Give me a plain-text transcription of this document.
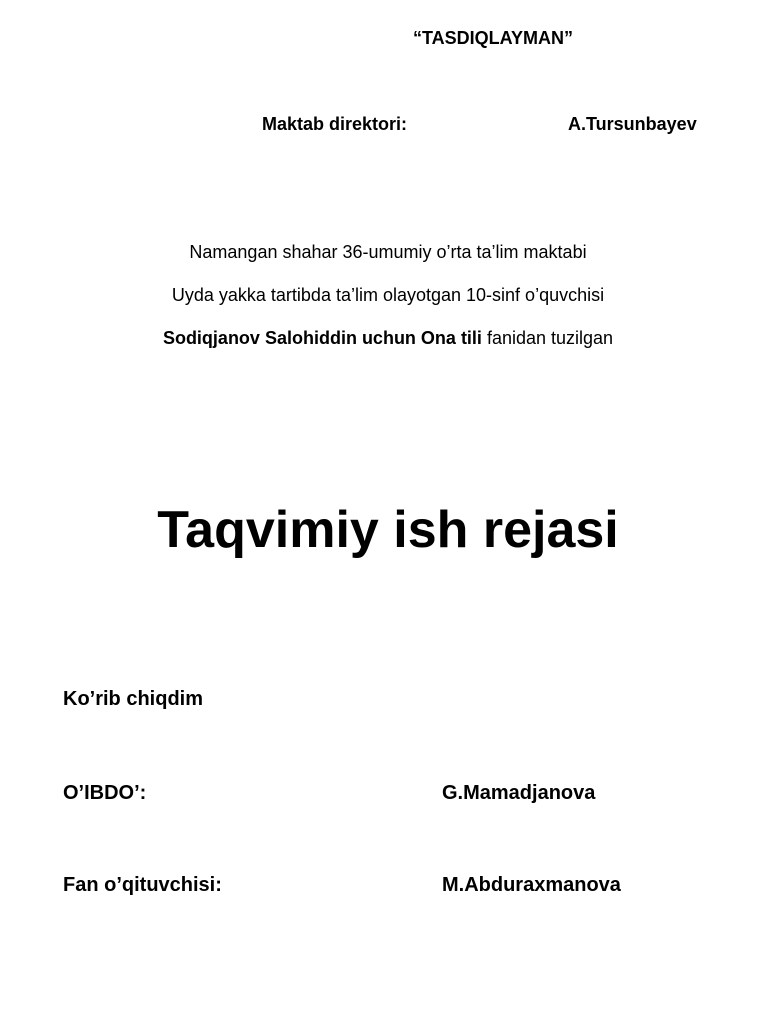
“TASDIQLAYMAN”
Maktab direktori:	A.Tursunbayev
Namangan shahar 36-umumiy o’rta ta’lim maktabi
Uyda yakka tartibda ta’lim olayotgan 10-sinf o’quvchisi
Sodiqjanov Salohiddin uchun Ona tili fanidan tuzilgan
Taqvimiy ish rejasi
Ko’rib chiqdim
O’IBDO’:	G.Mamadjanova
Fan o’qituvchisi:	M.Abduraxmanova
